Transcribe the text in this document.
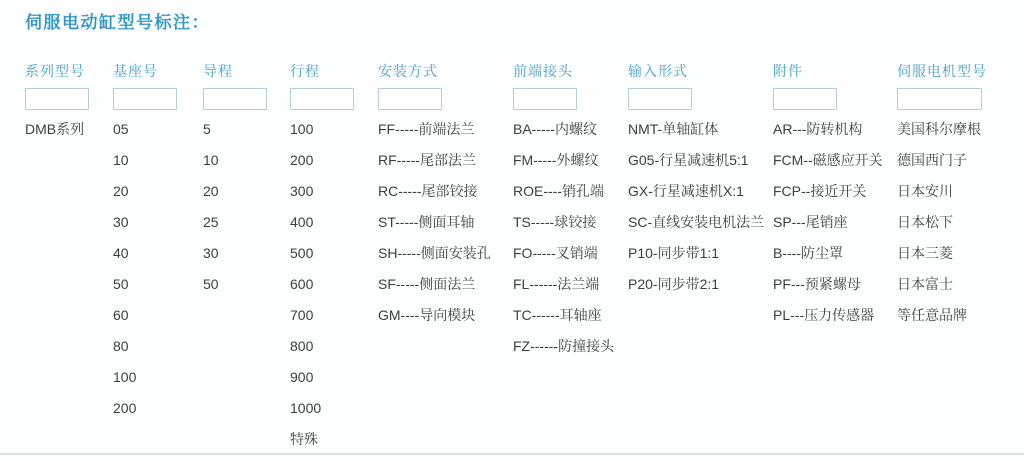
伺服电动缸型号标注：
系列型号
DMB系列
基座号
05
10
20
30
40
50
60
80
100
200
导程
5
10
20
25
30
50
行程
100
200
300
400
500
600
700
800
900
1000
特殊
安装方式
FF-----前端法兰
RF-----尾部法兰
RC-----尾部铰接
ST-----侧面耳轴
SH-----侧面安装孔
SF-----侧面法兰
GM----导向模块
前端接头
BA-----内螺纹
FM-----外螺纹
ROE----销孔端
TS-----球铰接
FO-----叉销端
FL------法兰端
TC------耳轴座
FZ------防撞接头
输入形式
NMT-单轴缸体
G05-行星减速机5:1
GX-行星减速机X:1
SC-直线安装电机法兰
P10-同步带1:1
P20-同步带2:1
附件
AR---防转机构
FCM--磁感应开关
FCP--接近开关
SP---尾销座
B----防尘罩
PF---预紧螺母
PL---压力传感器
伺服电机型号
美国科尔摩根
德国西门子
日本安川
日本松下
日本三菱
日本富士
等任意品牌
